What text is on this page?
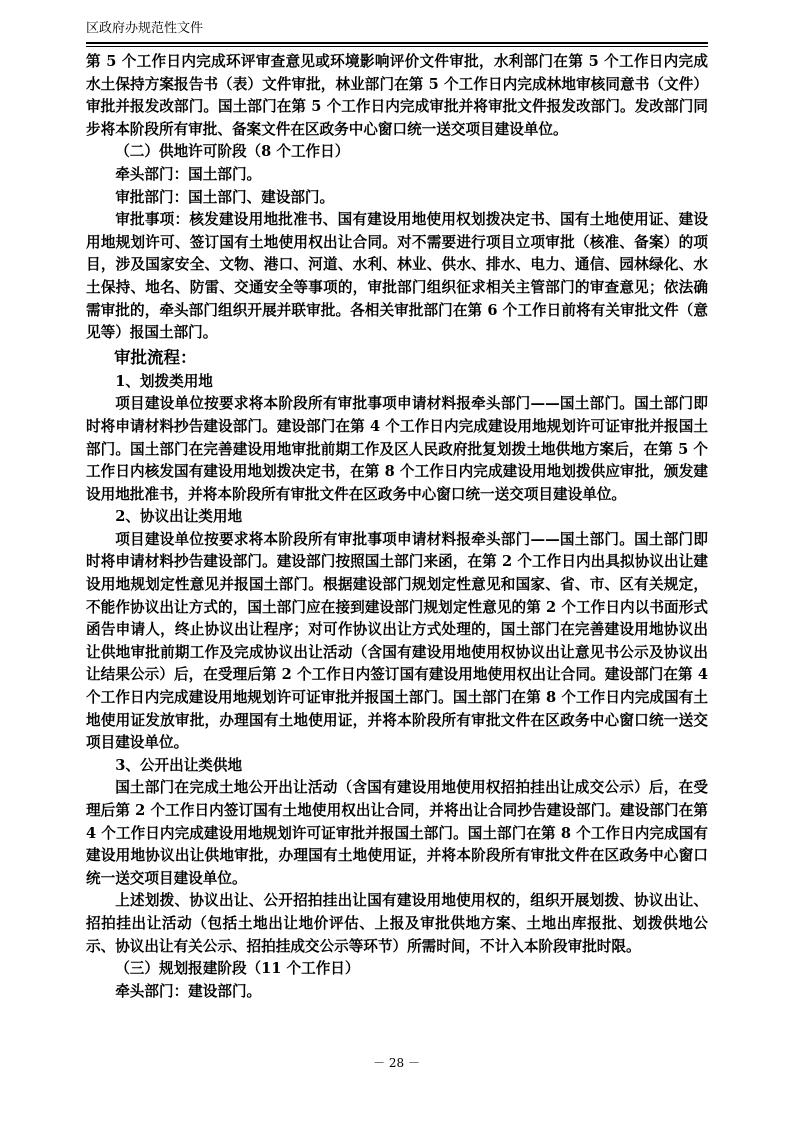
区政府办规范性文件

第 5 个工作日内完成环评审查意见或环境影响评价文件审批，水利部门在第 5 个工作日内完成水土保持方案报告书（表）文件审批，林业部门在第 5 个工作日内完成林地审核同意书（文件）审批并报发改部门。国土部门在第 5 个工作日内完成审批并将审批文件报发改部门。发改部门同步将本阶段所有审批、备案文件在区政务中心窗口统一送交项目建设单位。

（二）供地许可阶段（8 个工作日）

牵头部门：国土部门。

审批部门：国土部门、建设部门。

审批事项：核发建设用地批准书、国有建设用地使用权划拨决定书、国有土地使用证、建设用地规划许可、签订国有土地使用权出让合同。对不需要进行项目立项审批（核准、备案）的项目，涉及国家安全、文物、港口、河道、水利、林业、供水、排水、电力、通信、园林绿化、水土保持、地名、防雷、交通安全等事项的，审批部门组织征求相关主管部门的审查意见；依法确需审批的，牵头部门组织开展并联审批。各相关审批部门在第 6 个工作日前将有关审批文件（意见等）报国土部门。

审批流程：

1、划拨类用地

项目建设单位按要求将本阶段所有审批事项申请材料报牵头部门——国土部门。国土部门即时将申请材料抄告建设部门。建设部门在第 4 个工作日内完成建设用地规划许可证审批并报国土部门。国土部门在完善建设用地审批前期工作及区人民政府批复划拨土地供地方案后，在第 5 个工作日内核发国有建设用地划拨决定书，在第 8 个工作日内完成建设用地划拨供应审批，颁发建设用地批准书，并将本阶段所有审批文件在区政务中心窗口统一送交项目建设单位。

2、协议出让类用地

项目建设单位按要求将本阶段所有审批事项申请材料报牵头部门——国土部门。国土部门即时将申请材料抄告建设部门。建设部门按照国土部门来函，在第 2 个工作日内出具拟协议出让建设用地规划定性意见并报国土部门。根据建设部门规划定性意见和国家、省、市、区有关规定，不能作协议出让方式的，国土部门应在接到建设部门规划定性意见的第 2 个工作日内以书面形式函告申请人，终止协议出让程序；对可作协议出让方式处理的，国土部门在完善建设用地协议出让供地审批前期工作及完成协议出让活动（含国有建设用地使用权协议出让意见书公示及协议出让结果公示）后，在受理后第 2 个工作日内签订国有建设用地使用权出让合同。建设部门在第 4 个工作日内完成建设用地规划许可证审批并报国土部门。国土部门在第 8 个工作日内完成国有土地使用证发放审批，办理国有土地使用证，并将本阶段所有审批文件在区政务中心窗口统一送交项目建设单位。

3、公开出让类供地

国土部门在完成土地公开出让活动（含国有建设用地使用权招拍挂出让成交公示）后，在受理后第 2 个工作日内签订国有土地使用权出让合同，并将出让合同抄告建设部门。建设部门在第 4 个工作日内完成建设用地规划许可证审批并报国土部门。国土部门在第 8 个工作日内完成国有建设用地协议出让供地审批，办理国有土地使用证，并将本阶段所有审批文件在区政务中心窗口统一送交项目建设单位。

上述划拨、协议出让、公开招拍挂出让国有建设用地使用权的，组织开展划拨、协议出让、招拍挂出让活动（包括土地出让地价评估、上报及审批供地方案、土地出库报批、划拨供地公示、协议出让有关公示、招拍挂成交公示等环节）所需时间，不计入本阶段审批时限。

（三）规划报建阶段（11 个工作日）

牵头部门：建设部门。

－ 28 －
